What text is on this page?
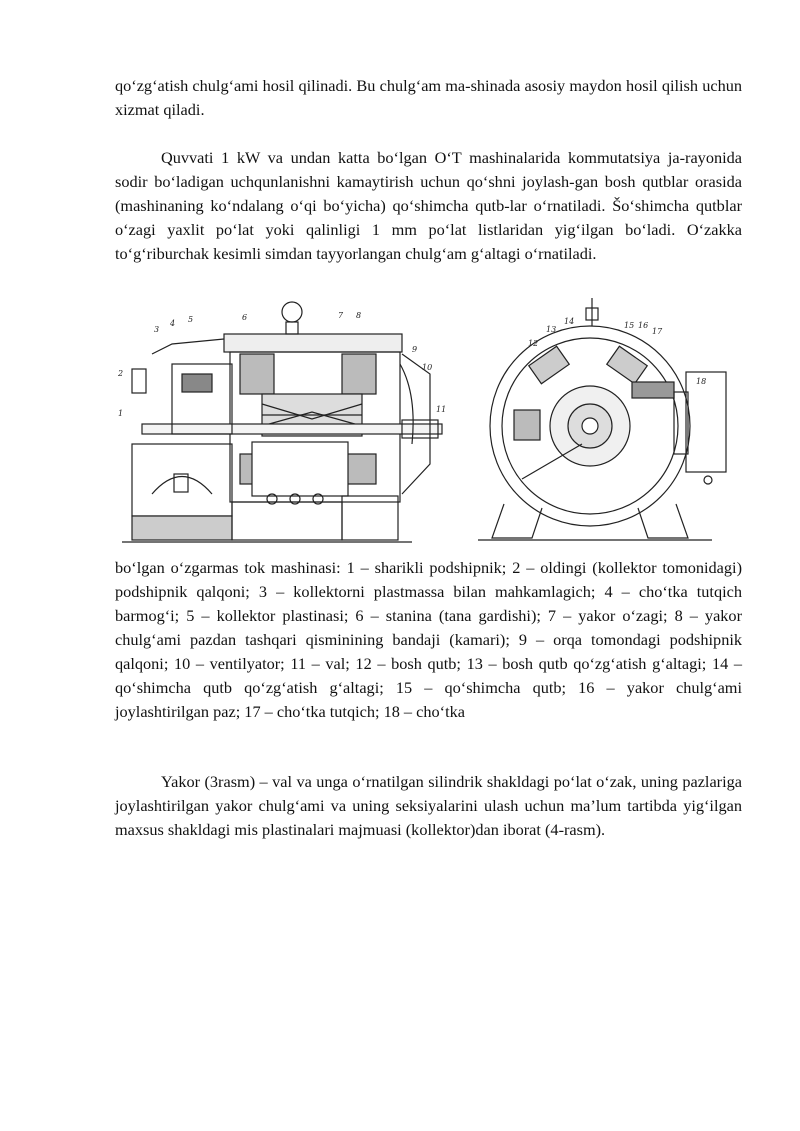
qo‘zg‘atish chulg‘ami hosil qilinadi. Bu chulg‘am ma-shinada asosiy maydon hosil qilish uchun xizmat qiladi.

Quvvati 1 kW va undan katta bo‘lgan O‘T mashinalarida kommutatsiya ja-rayonida sodir bo‘ladigan uchqunlanishni kamaytirish uchun qo‘shni joylash-gan bosh qutblar orasida (mashinaning ko‘ndalang o‘qi bo‘yicha) qo‘shimcha qutb-lar o‘rnatiladi. Šo‘shimcha qutblar o‘zagi yaxlit po‘lat yoki qalinligi 1 mm po‘lat listlaridan yig‘ilgan bo‘ladi. O‘zakka to‘g‘riburchak kesimli simdan tayyorlangan chulg‘am g‘altagi o‘rnatiladi.

1
2
3
4 5	6	7 8
9
10
11
12
13
14	15 16
17
18

bo‘lgan o‘zgarmas tok mashinasi: 1 – sharikli podshipnik; 2 – oldingi (kollektor tomonidagi) podshipnik qalqoni; 3 – kollektorni plastmassa bilan mahkamlagich; 4 – cho‘tka tutqich barmog‘i; 5 – kollektor plastinasi; 6 – stanina (tana gardishi); 7 – yakor o‘zagi; 8 – yakor chulg‘ami pazdan tashqari qisminining bandaji (kamari); 9 – orqa tomondagi podshipnik qalqoni; 10 – ventilyator; 11 – val; 12 – bosh qutb; 13 – bosh qutb qo‘zg‘atish g‘altagi; 14 – qo‘shimcha qutb qo‘zg‘atish g‘altagi; 15 – qo‘shimcha qutb; 16 – yakor chulg‘ami joylashtirilgan paz; 17 – cho‘tka tutqich; 18 – cho‘tka

Yakor (3rasm) – val va unga o‘rnatilgan silindrik shakldagi po‘lat o‘zak, uning pazlariga joylashtirilgan yakor chulg‘ami va uning seksiyalarini ulash uchun ma’lum tartibda yig‘ilgan maxsus shakldagi mis plastinalari majmuasi (kollektor)dan iborat (4-rasm).
